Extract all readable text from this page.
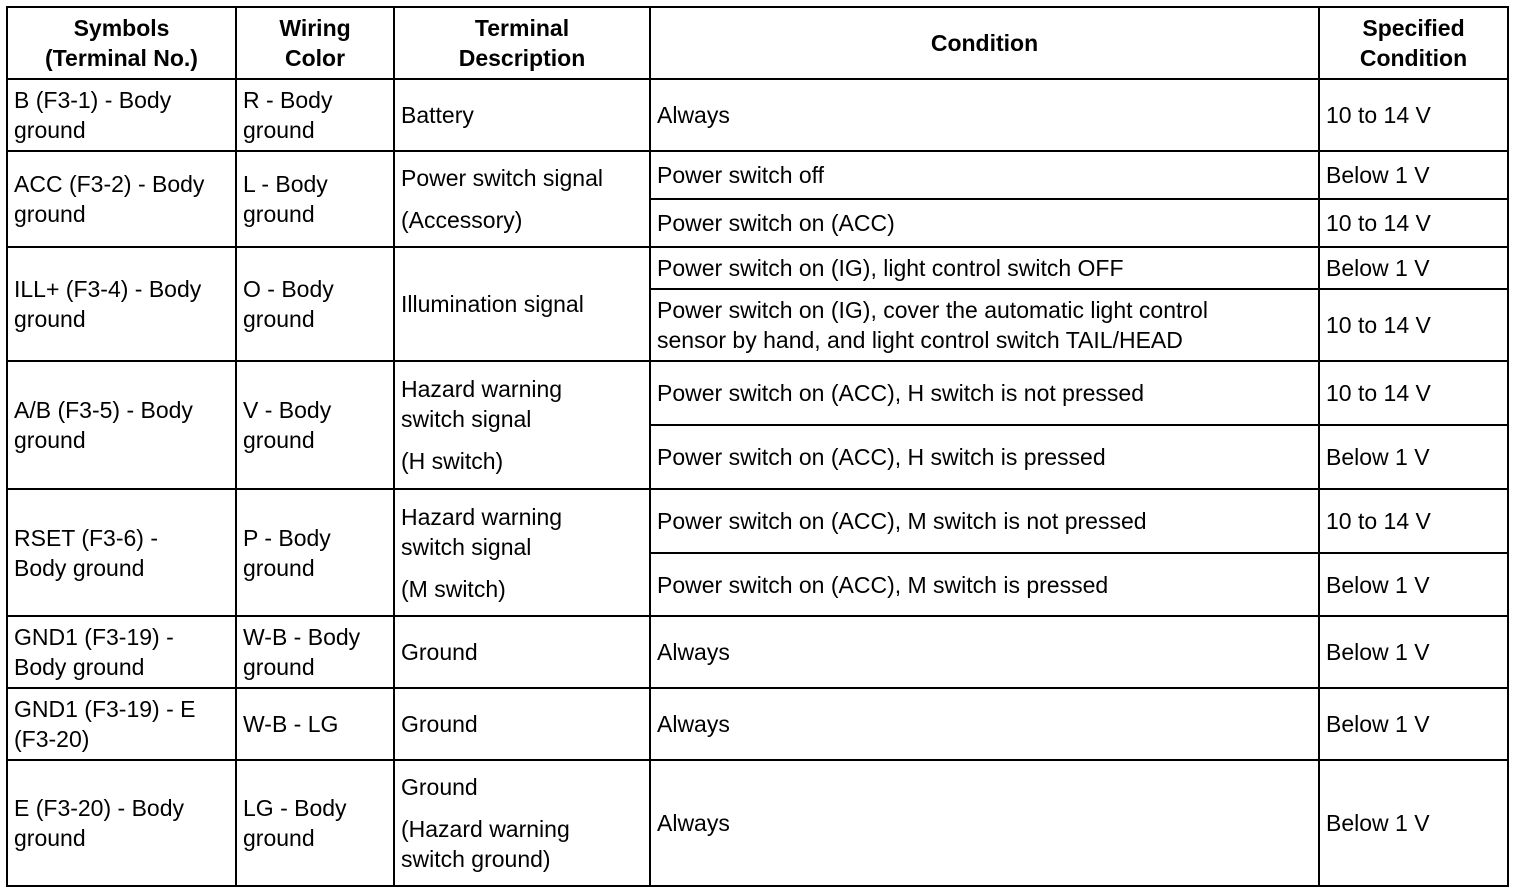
Symbols
(Terminal No.)	Wiring
Color	Terminal
Description	Condition	Specified
Condition

B (F3-1) - Body
ground	R - Body
ground	Battery	Always	10 to 14 V

ACC (F3-2) - Body
ground	L - Body
ground	Power switch signal
(Accessory)	Power switch off	Below 1 V

			Power switch on (ACC)	10 to 14 V

ILL+ (F3-4) - Body
ground	O - Body
ground	Illumination signal	Power switch on (IG), light control switch OFF	Below 1 V

			Power switch on (IG), cover the automatic light control
sensor by hand, and light control switch TAIL/HEAD	10 to 14 V

A/B (F3-5) - Body
ground	V - Body
ground	Hazard warning
switch signal
(H switch)	Power switch on (ACC), H switch is not pressed	10 to 14 V

			Power switch on (ACC), H switch is pressed	Below 1 V

RSET (F3-6) -
Body ground	P - Body
ground	Hazard warning
switch signal
(M switch)	Power switch on (ACC), M switch is not pressed	10 to 14 V

			Power switch on (ACC), M switch is pressed	Below 1 V

GND1 (F3-19) -
Body ground	W-B - Body
ground	Ground	Always	Below 1 V

GND1 (F3-19) - E
(F3-20)	W-B - LG	Ground	Always	Below 1 V

E (F3-20) - Body
ground	LG - Body
ground	Ground
(Hazard warning
switch ground)	Always	Below 1 V
